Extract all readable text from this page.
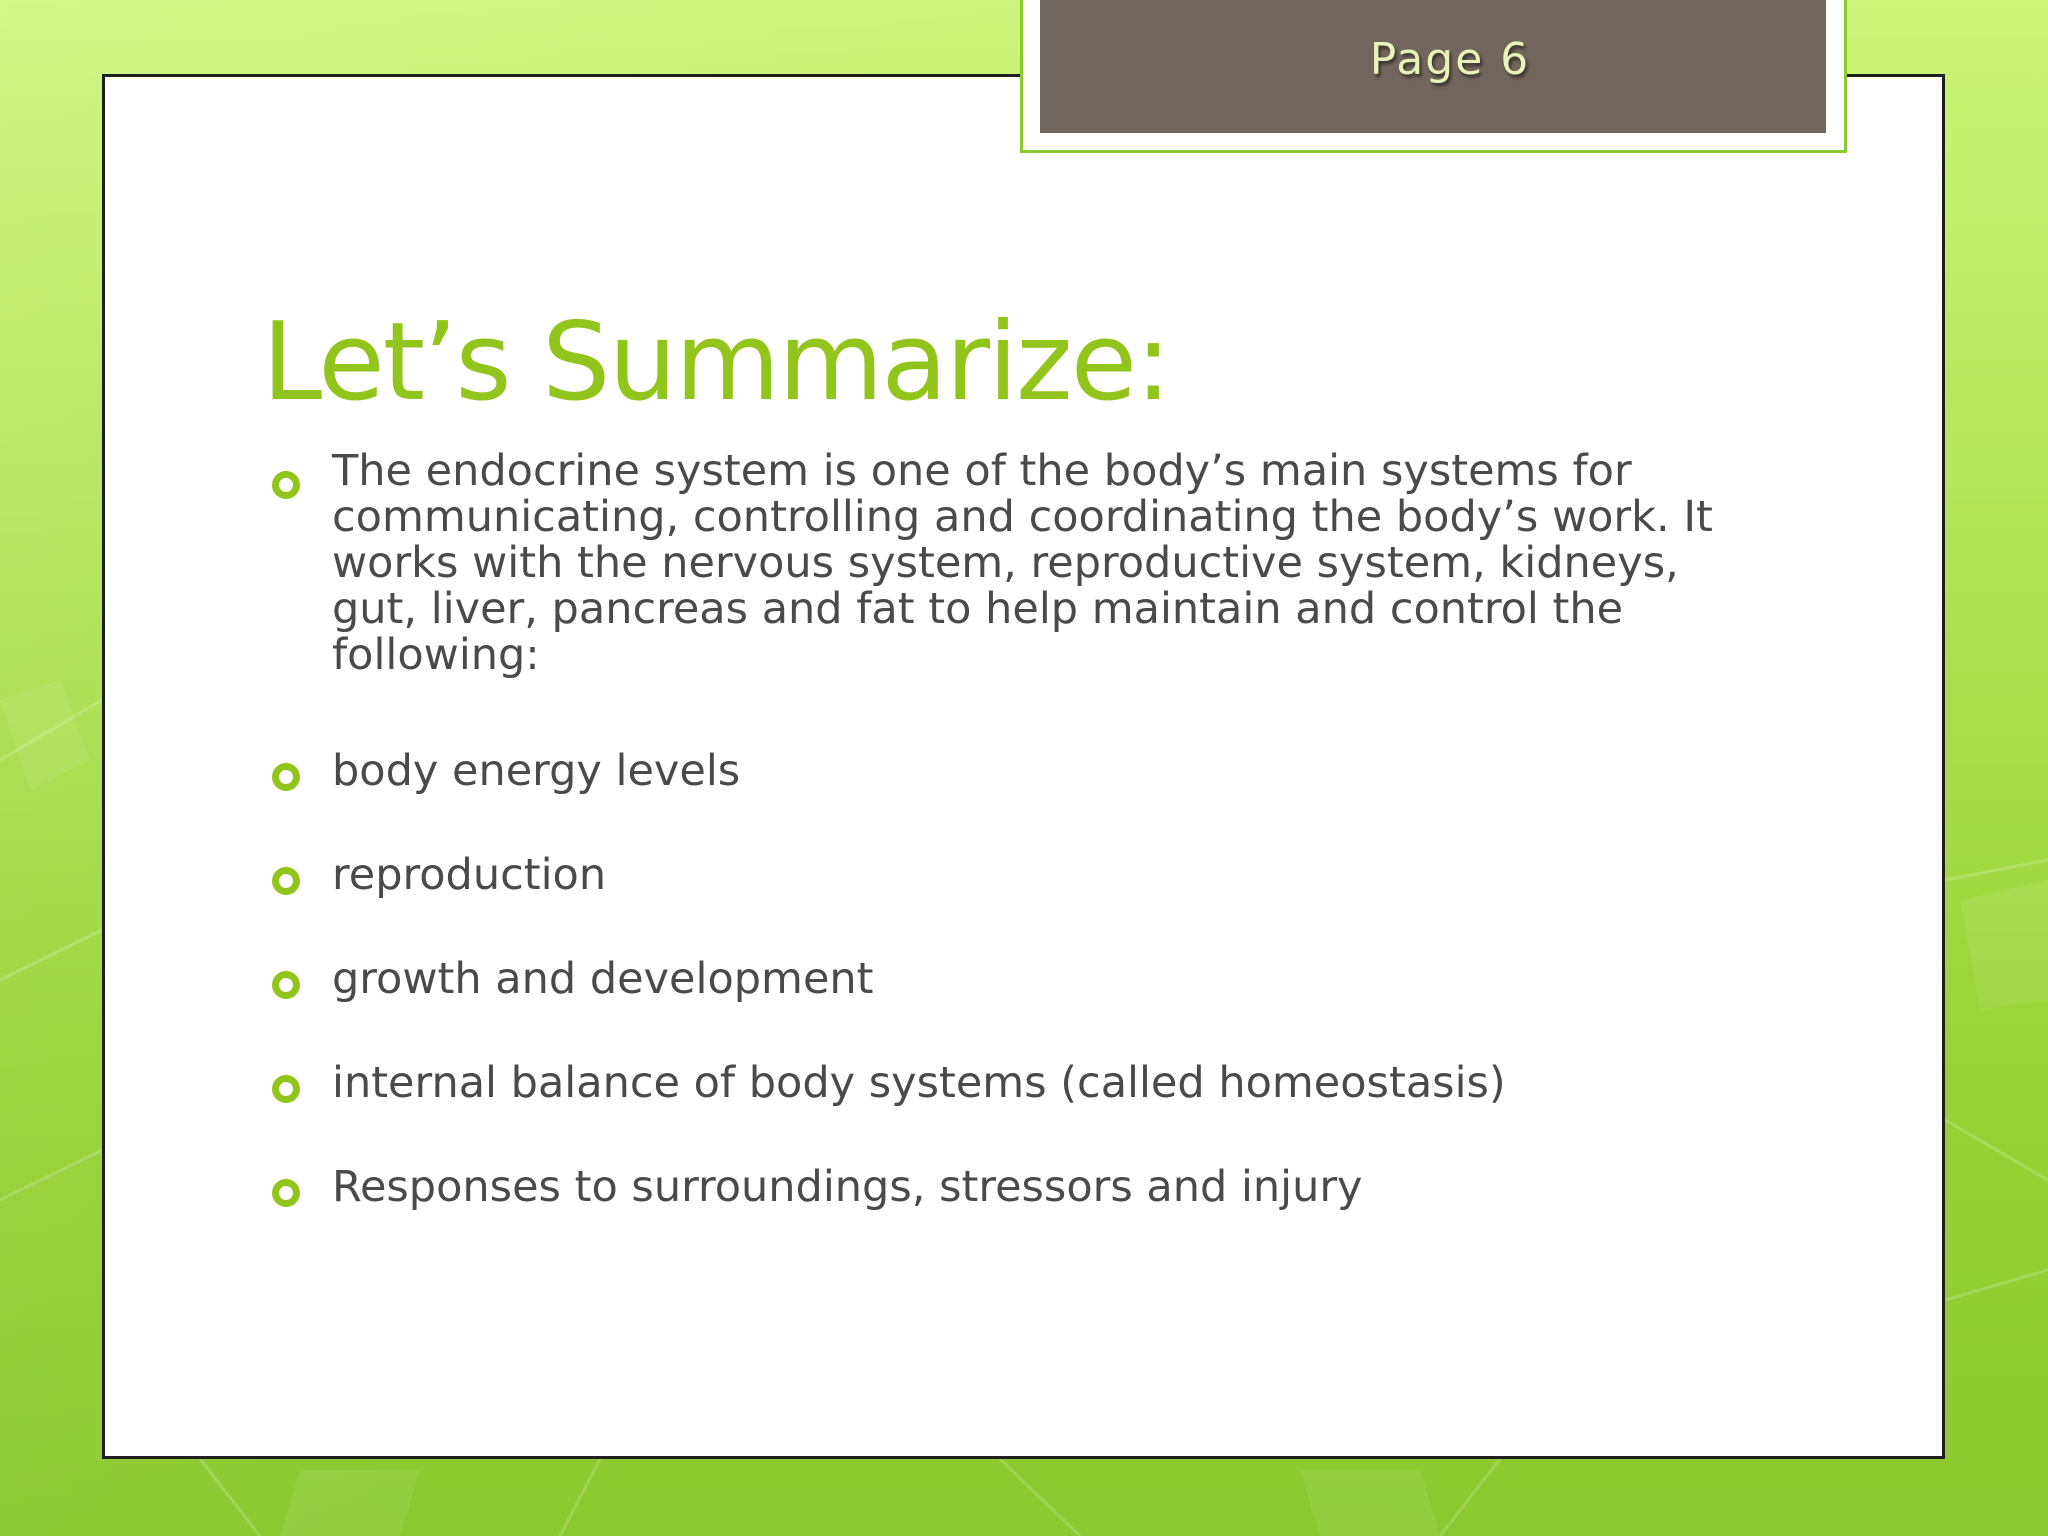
Page 6
Let’s Summarize:
The endocrine system is one of the body’s main systems for communicating, controlling and coordinating the body’s work. It works with the nervous system, reproductive system, kidneys, gut, liver, pancreas and fat to help maintain and control the following:
body energy levels
reproduction
growth and development
internal balance of body systems (called homeostasis)
Responses to surroundings, stressors and injury
